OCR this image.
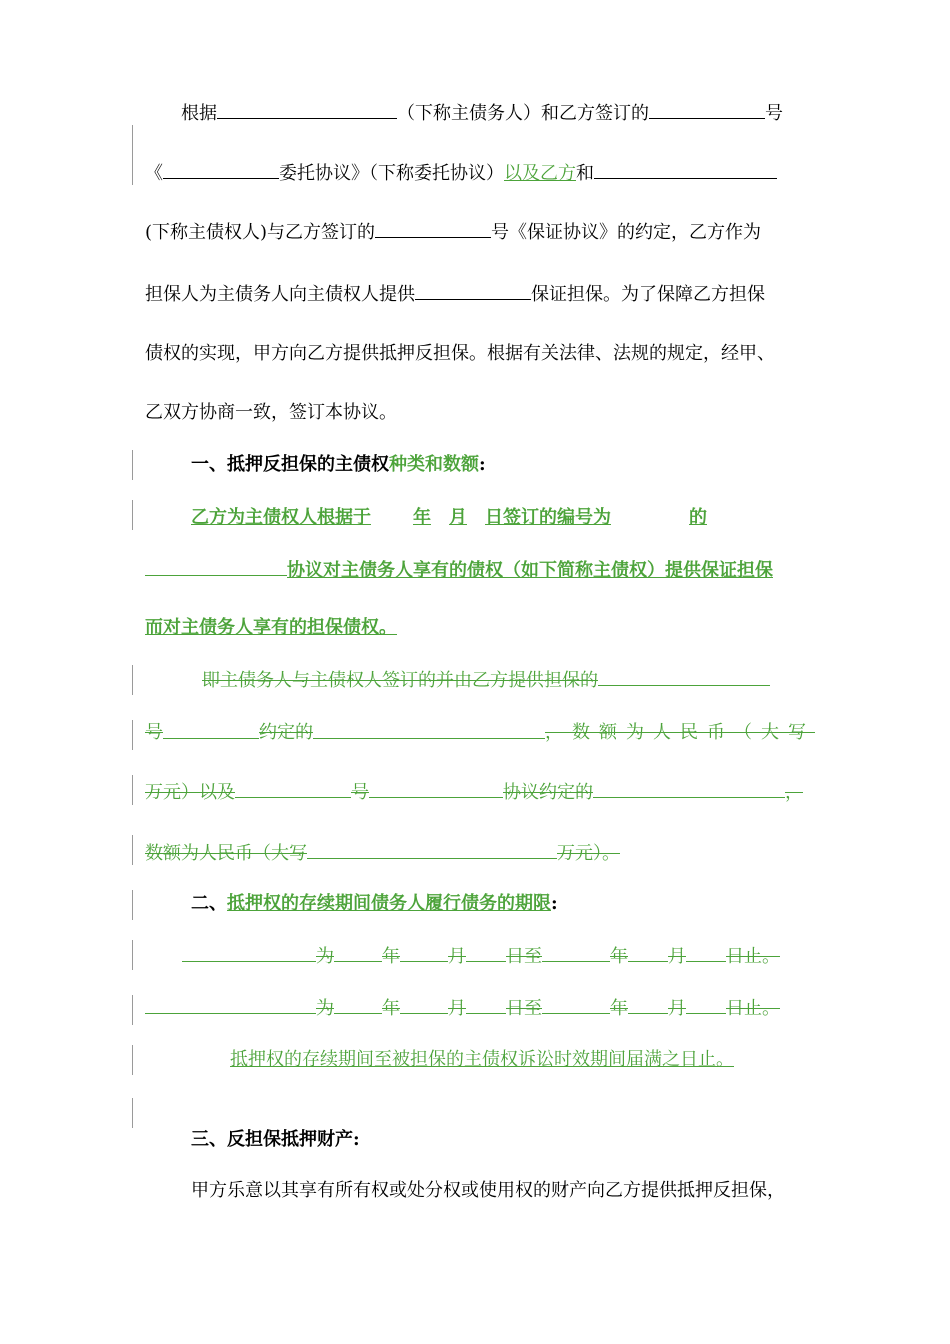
根据	（下称主债务人）和乙方签订的	号
《	委托协议》（下称委托协议）以及乙方和
(下称主债权人)与乙方签订的	号《保证协议》的约定，乙方作为
担保人为主债务人向主债权人提供	保证担保。为了保障乙方担保
债权的实现，甲方向乙方提供抵押反担保。根据有关法律、法规的规定，经甲、
乙双方协商一致，签订本协议。
一、抵押反担保的主债权种类和数额:
乙方为主债权人根据于 年 月 日签订的编号为	的
协议对主债务人享有的债权（如下简称主债权）提供保证担保
而对主债务人享有的担保债权。
即主债务人与主债权人签订的并由乙方提供担保的
号	约定的	，数额为人民币（大写
万元）以及	号	协议约定的	，
数额为人民币（大写	万元）。
二、抵押权的存续期间债务人履行债务的期限:
为	年	月 日至	年 月 日止。
为	年	月 日至	年 月 日止。
抵押权的存续期间至被担保的主债权诉讼时效期间届满之日止。
三、反担保抵押财产:
甲方乐意以其享有所有权或处分权或使用权的财产向乙方提供抵押反担保，
